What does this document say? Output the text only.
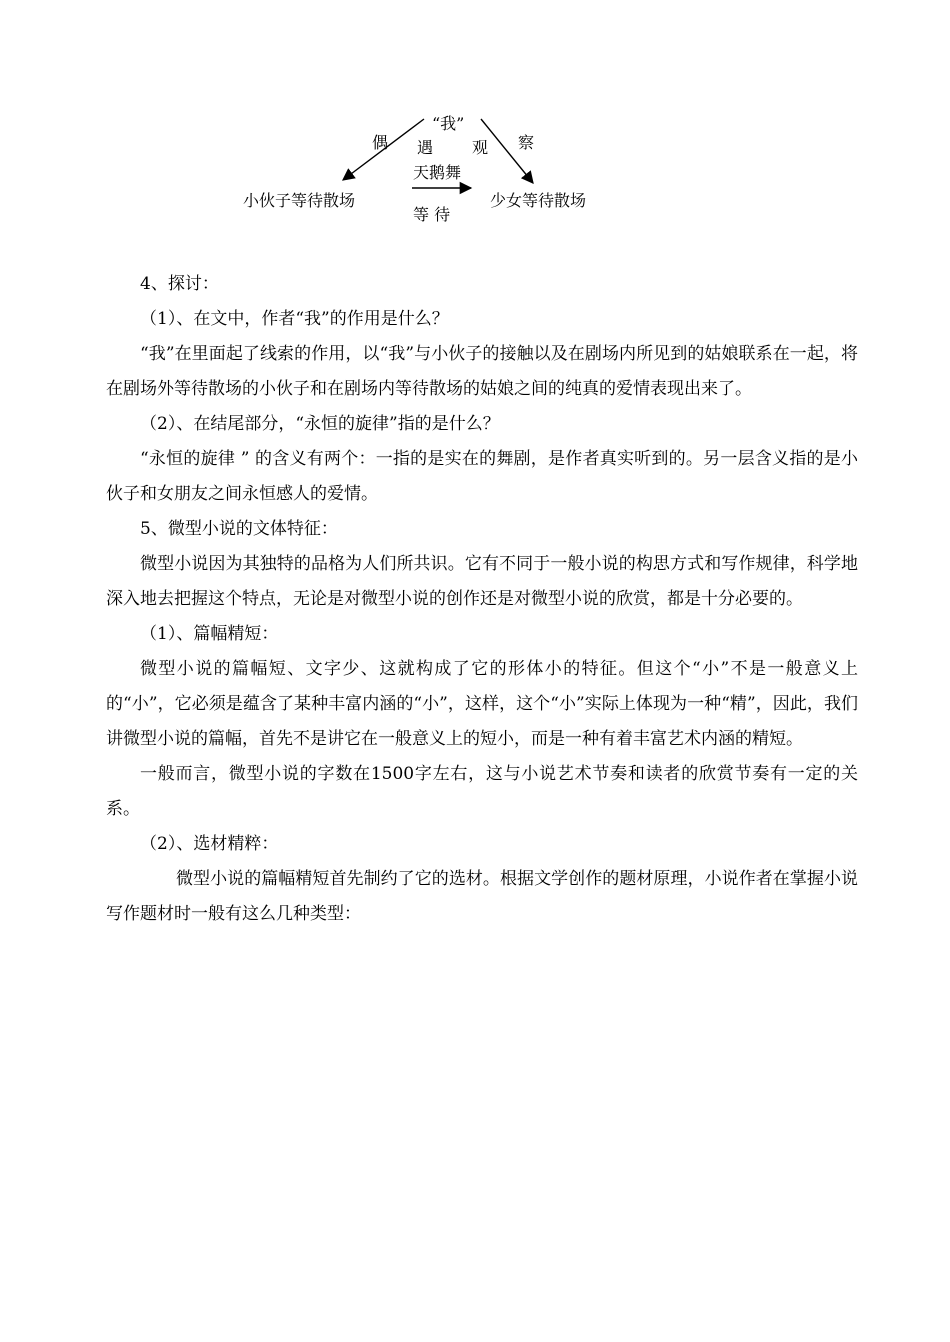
“我”
偶 遇 观 察
天鹅舞
等 待
小伙子等待散场	少女等待散场

4、探讨：

（1）、在文中，作者“我”的作用是什么？

“我”在里面起了线索的作用，以“我”与小伙子的接触以及在剧场内所见到的姑娘联系在一起，将在剧场外等待散场的小伙子和在剧场内等待散场的姑娘之间的纯真的爱情表现出来了。

（2）、在结尾部分，“永恒的旋律”指的是什么？

“永恒的旋律 ” 的含义有两个：一指的是实在的舞剧，是作者真实听到的。另一层含义指的是小伙子和女朋友之间永恒感人的爱情。

5、微型小说的文体特征：

微型小说因为其独特的品格为人们所共识。它有不同于一般小说的构思方式和写作规律，科学地深入地去把握这个特点，无论是对微型小说的创作还是对微型小说的欣赏，都是十分必要的。

（1）、篇幅精短：

微型小说的篇幅短、文字少、这就构成了它的形体小的特征。但这个“小”不是一般意义上的“小”，它必须是蕴含了某种丰富内涵的“小”，这样，这个“小”实际上体现为一种“精”，因此，我们讲微型小说的篇幅，首先不是讲它在一般意义上的短小，而是一种有着丰富艺术内涵的精短。

一般而言，微型小说的字数在1500字左右，这与小说艺术节奏和读者的欣赏节奏有一定的关系。

（2）、选材精粹：

微型小说的篇幅精短首先制约了它的选材。根据文学创作的题材原理，小说作者在掌握小说写作题材时一般有这么几种类型：
